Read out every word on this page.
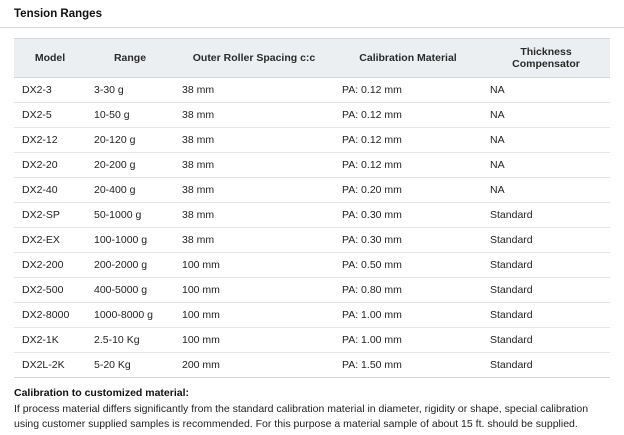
Tension Ranges
Model	Range	Outer Roller Spacing c:c	Calibration Material	Thickness Compensator
DX2-3	3-30 g	38 mm	PA: 0.12 mm	NA
DX2-5	10-50 g	38 mm	PA: 0.12 mm	NA
DX2-12	20-120 g	38 mm	PA: 0.12 mm	NA
DX2-20	20-200 g	38 mm	PA: 0.12 mm	NA
DX2-40	20-400 g	38 mm	PA: 0.20 mm	NA
DX2-SP	50-1000 g	38 mm	PA: 0.30 mm	Standard
DX2-EX	100-1000 g	38 mm	PA: 0.30 mm	Standard
DX2-200	200-2000 g	100 mm	PA: 0.50 mm	Standard
DX2-500	400-5000 g	100 mm	PA: 0.80 mm	Standard
DX2-8000	1000-8000 g	100 mm	PA: 1.00 mm	Standard
DX2-1K	2.5-10 Kg	100 mm	PA: 1.00 mm	Standard
DX2L-2K	5-20 Kg	200 mm	PA: 1.50 mm	Standard
Calibration to customized material:
If process material differs significantly from the standard calibration material in diameter, rigidity or shape, special calibration using customer supplied samples is recommended. For this purpose a material sample of about 15 ft. should be supplied.
